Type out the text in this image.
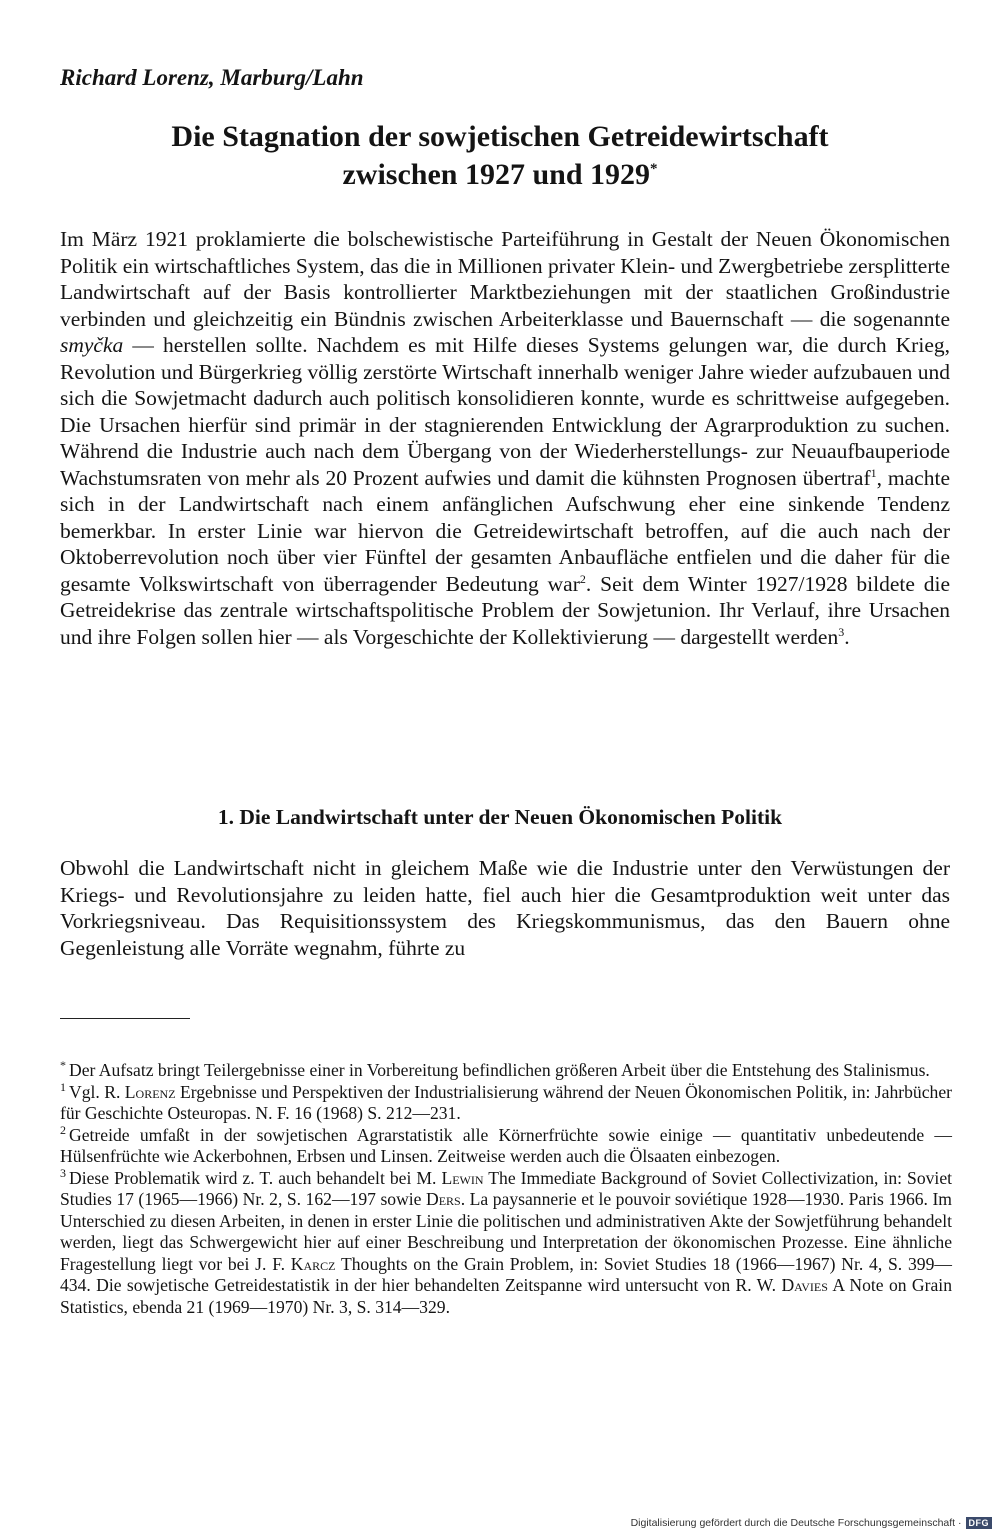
Richard Lorenz, Marburg/Lahn
Die Stagnation der sowjetischen Getreidewirtschaft
zwischen 1927 und 1929*

Im März 1921 proklamierte die bolschewistische Parteiführung in Gestalt der Neuen Ökonomischen Politik ein wirtschaftliches System, das die in Millionen privater Klein- und Zwergbetriebe zersplitterte Landwirtschaft auf der Basis kontrollierter Marktbeziehungen mit der staatlichen Großindustrie verbinden und gleichzeitig ein Bündnis zwischen Arbeiterklasse und Bauernschaft — die sogenannte smyčka — herstellen sollte. Nachdem es mit Hilfe dieses Systems gelungen war, die durch Krieg, Revolution und Bürgerkrieg völlig zerstörte Wirtschaft innerhalb weniger Jahre wieder aufzubauen und sich die Sowjetmacht dadurch auch politisch konsolidieren konnte, wurde es schrittweise aufgegeben. Die Ursachen hierfür sind primär in der stagnierenden Entwicklung der Agrarproduktion zu suchen. Während die Industrie auch nach dem Übergang von der Wiederherstellungs- zur Neuaufbauperiode Wachstumsraten von mehr als 20 Prozent aufwies und damit die kühnsten Prognosen übertraf$^1$, machte sich in der Landwirtschaft nach einem anfänglichen Aufschwung eher eine sinkende Tendenz bemerkbar. In erster Linie war hiervon die Getreidewirtschaft betroffen, auf die auch nach der Oktoberrevolution noch über vier Fünftel der gesamten Anbaufläche entfielen und die daher für die gesamte Volkswirtschaft von überragender Bedeutung war$^2$. Seit dem Winter 1927/1928 bildete die Getreidekrise das zentrale wirtschaftspolitische Problem der Sowjetunion. Ihr Verlauf, ihre Ursachen und ihre Folgen sollen hier — als Vorgeschichte der Kollektivierung — dargestellt werden$^3$.

1. Die Landwirtschaft unter der Neuen Ökonomischen Politik

Obwohl die Landwirtschaft nicht in gleichem Maße wie die Industrie unter den Verwüstungen der Kriegs- und Revolutionsjahre zu leiden hatte, fiel auch hier die Gesamtproduktion weit unter das Vorkriegsniveau. Das Requisitionssystem des Kriegskommunismus, das den Bauern ohne Gegenleistung alle Vorräte wegnahm, führte zu

* Der Aufsatz bringt Teilergebnisse einer in Vorbereitung befindlichen größeren Arbeit über die Entstehung des Stalinismus.

$^1$ Vgl. R. Lorenz Ergebnisse und Perspektiven der Industrialisierung während der Neuen Ökonomischen Politik, in: Jahrbücher für Geschichte Osteuropas. N. F. 16 (1968) S. 212—231.

$^2$ Getreide umfaßt in der sowjetischen Agrarstatistik alle Körnerfrüchte sowie einige — quantitativ unbedeutende — Hülsenfrüchte wie Ackerbohnen, Erbsen und Linsen. Zeitweise werden auch die Ölsaaten einbezogen.

$^3$ Diese Problematik wird z. T. auch behandelt bei M. Lewin The Immediate Background of Soviet Collectivization, in: Soviet Studies 17 (1965—1966) Nr. 2, S. 162—197 sowie Ders. La paysannerie et le pouvoir soviétique 1928—1930. Paris 1966. Im Unterschied zu diesen Arbeiten, in denen in erster Linie die politischen und administrativen Akte der Sowjetführung behandelt werden, liegt das Schwergewicht hier auf einer Beschreibung und Interpretation der ökonomischen Prozesse. Eine ähnliche Fragestellung liegt vor bei J. F. Karcz Thoughts on the Grain Problem, in: Soviet Studies 18 (1966—1967) Nr. 4, S. 399—434. Die sowjetische Getreidestatistik in der hier behandelten Zeitspanne wird untersucht von R. W. Davies A Note on Grain Statistics, ebenda 21 (1969—1970) Nr. 3, S. 314—329.

Digitalisierung gefördert durch die Deutsche Forschungsgemeinschaft · DFG
